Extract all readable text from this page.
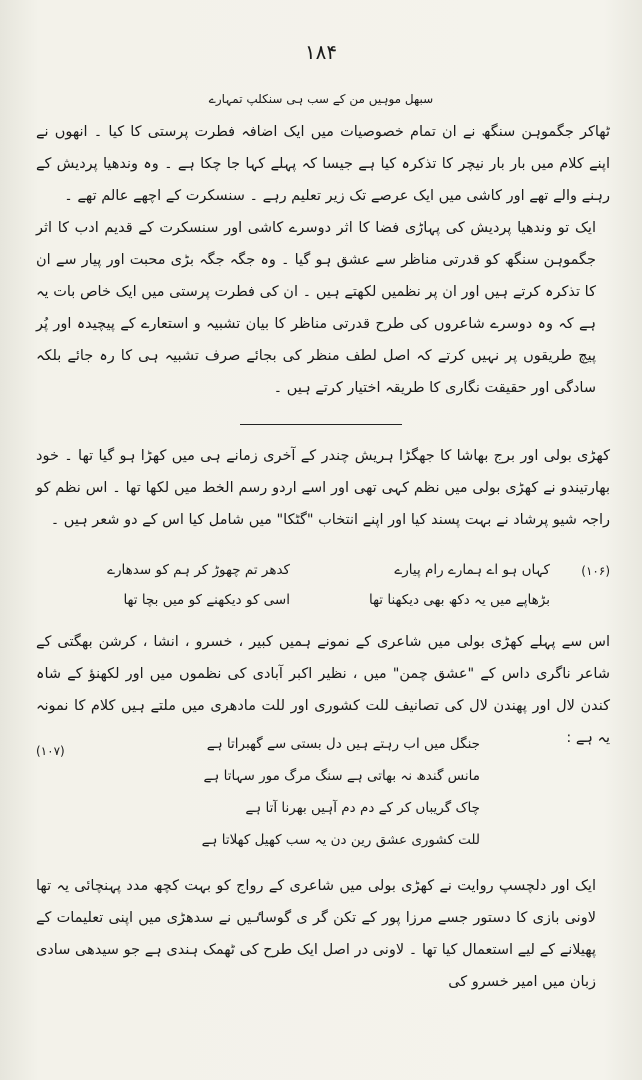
۱۸۴
سبھل موہیں من کے سب ہی سنکلپ تمہارے

ٹھاکر جگموہن سنگھ نے ان تمام خصوصیات میں ایک اضافہ فطرت پرستی کا کیا ۔ انھوں نے اپنے کلام میں بار بار نیچر کا تذکرہ کیا ہے جیسا کہ پہلے کہا جا چکا ہے ۔ وہ وندھیا پردیش کے رہنے والے تھے اور کاشی میں ایک عرصے تک زیر تعلیم رہے ۔ سنسکرت کے اچھے عالم تھے ۔

ایک تو وندھیا پردیش کی پہاڑی فضا کا اثر دوسرے کاشی اور سنسکرت کے قدیم ادب کا اثر جگموہن سنگھ کو قدرتی مناظر سے عشق ہو گیا ۔ وہ جگہ جگہ بڑی محبت اور پیار سے ان کا تذکرہ کرتے ہیں اور ان پر نظمیں لکھتے ہیں ۔ ان کی فطرت پرستی میں ایک خاص بات یہ ہے کہ وہ دوسرے شاعروں کی طرح قدرتی مناظر کا بیان تشبیہ و استعارے کے پیچیدہ اور پُر پیچ طریقوں پر نہیں کرتے کہ اصل لطف منظر کی بجائے صرف تشبیہ ہی کا رہ جائے بلکہ سادگی اور حقیقت نگاری کا طریقہ اختیار کرتے ہیں ۔

کھڑی بولی اور برج بھاشا کا جھگڑا ہریش چندر کے آخری زمانے ہی میں کھڑا ہو گیا تھا ۔ خود بھارتیندو نے کھڑی بولی میں نظم کہی تھی اور اسے اردو رسم الخط میں لکھا تھا ۔ اس نظم کو راجہ شیو پرشاد نے بہت پسند کیا اور اپنے انتخاب "گٹکا" میں شامل کیا اس کے دو شعر ہیں ۔

(۱۰۶)
کہاں ہو اے ہمارے رام پیارے
کدھر تم چھوڑ کر ہم کو سدھارے
بڑھاپے میں یہ دکھ بھی دیکھنا تھا
اسی کو دیکھنے کو میں بچا تھا

اس سے پہلے کھڑی بولی میں شاعری کے نمونے ہمیں کبیر ، خسرو ، انشا ، کرشن بھگتی کے شاعر ناگری داس کے "عشق چمن" میں ، نظیر اکبر آبادی کی نظموں میں اور لکھنؤ کے شاہ کندن لال اور پھندن لال کی تصانیف للت کشوری اور للت مادھری میں ملتے ہیں کلام کا نمونہ یہ ہے :

(۱۰۷)	جنگل میں اب رہتے ہیں دل بستی سے گھبراتا ہے
مانس گندھ نہ بھاتی ہے سنگ مرگ مور سہاتا ہے
چاک گریباں کر کے دم دم آہیں بھرنا آتا ہے
للت کشوری عشق رین دن یہ سب کھیل کھلاتا ہے

ایک اور دلچسپ روایت نے کھڑی بولی میں شاعری کے رواج کو بہت کچھ مدد پہنچائی یہ تھا لاونی بازی کا دستور جسے مرزا پور کے تکن گر ی گوساٸیں نے سدھڑی میں اپنی تعلیمات کے پھیلانے کے لیے استعمال کیا تھا ۔ لاونی در اصل ایک طرح کی ٹھمک ہندی ہے جو سیدھی سادی زبان میں امیر خسرو کی
